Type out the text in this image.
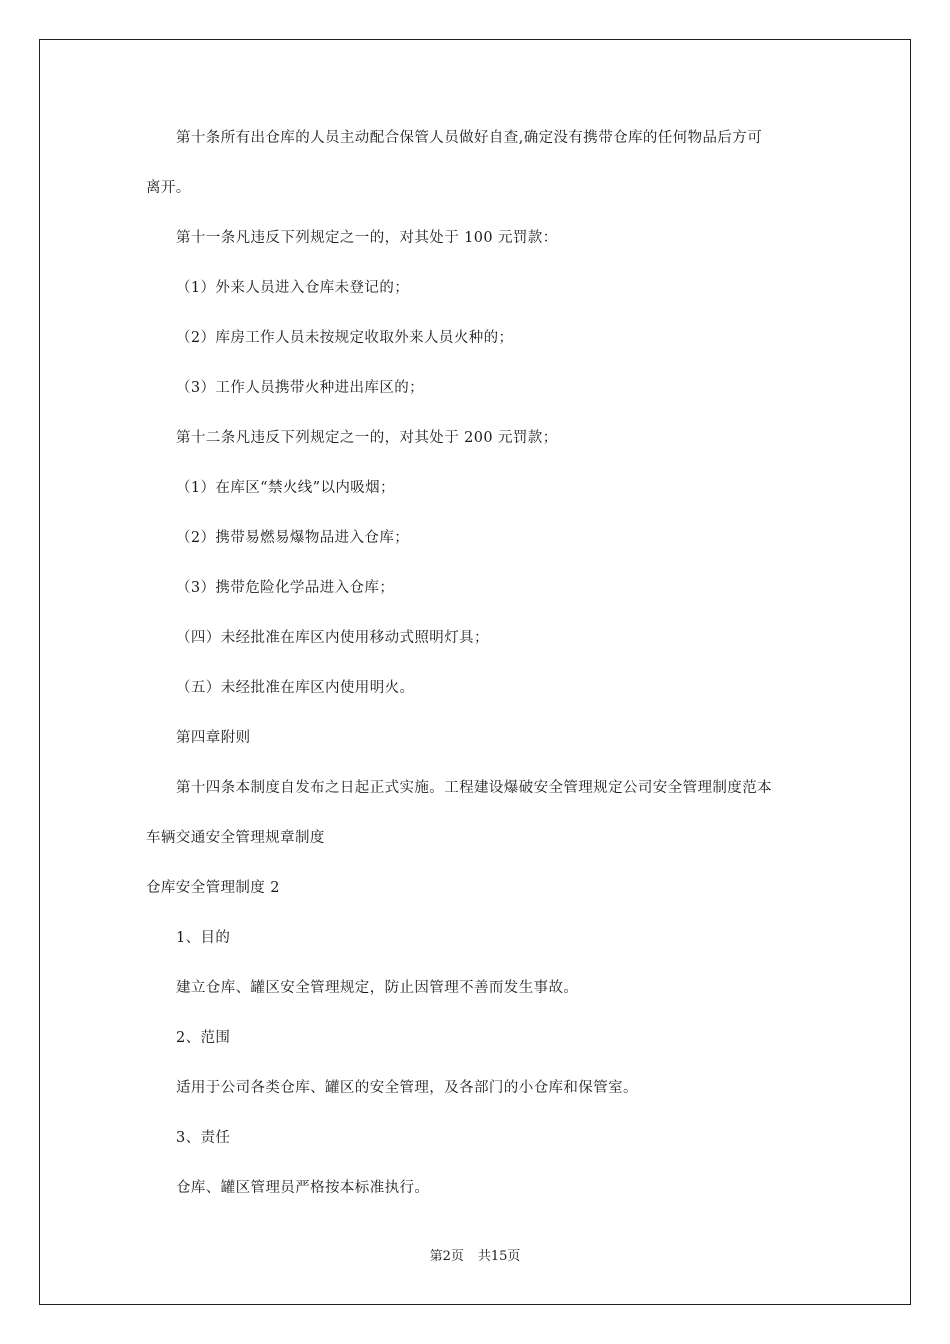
第十条所有出仓库的人员主动配合保管人员做好自查,确定没有携带仓库的任何物品后方可
离开。
第十一条凡违反下列规定之一的，对其处于 100 元罚款：
（1）外来人员进入仓库未登记的；
（2）库房工作人员未按规定收取外来人员火种的；
（3）工作人员携带火种进出库区的；
第十二条凡违反下列规定之一的，对其处于 200 元罚款；
（1）在库区“禁火线”以内吸烟；
（2）携带易燃易爆物品进入仓库；
（3）携带危险化学品进入仓库；
（四）未经批准在库区内使用移动式照明灯具；
（五）未经批准在库区内使用明火。
第四章附则
第十四条本制度自发布之日起正式实施。工程建设爆破安全管理规定公司安全管理制度范本
车辆交通安全管理规章制度
仓库安全管理制度 2
1、目的
建立仓库、罐区安全管理规定，防止因管理不善而发生事故。
2、范围
适用于公司各类仓库、罐区的安全管理，及各部门的小仓库和保管室。
3、责任
仓库、罐区管理员严格按本标准执行。
第2页 共15页
